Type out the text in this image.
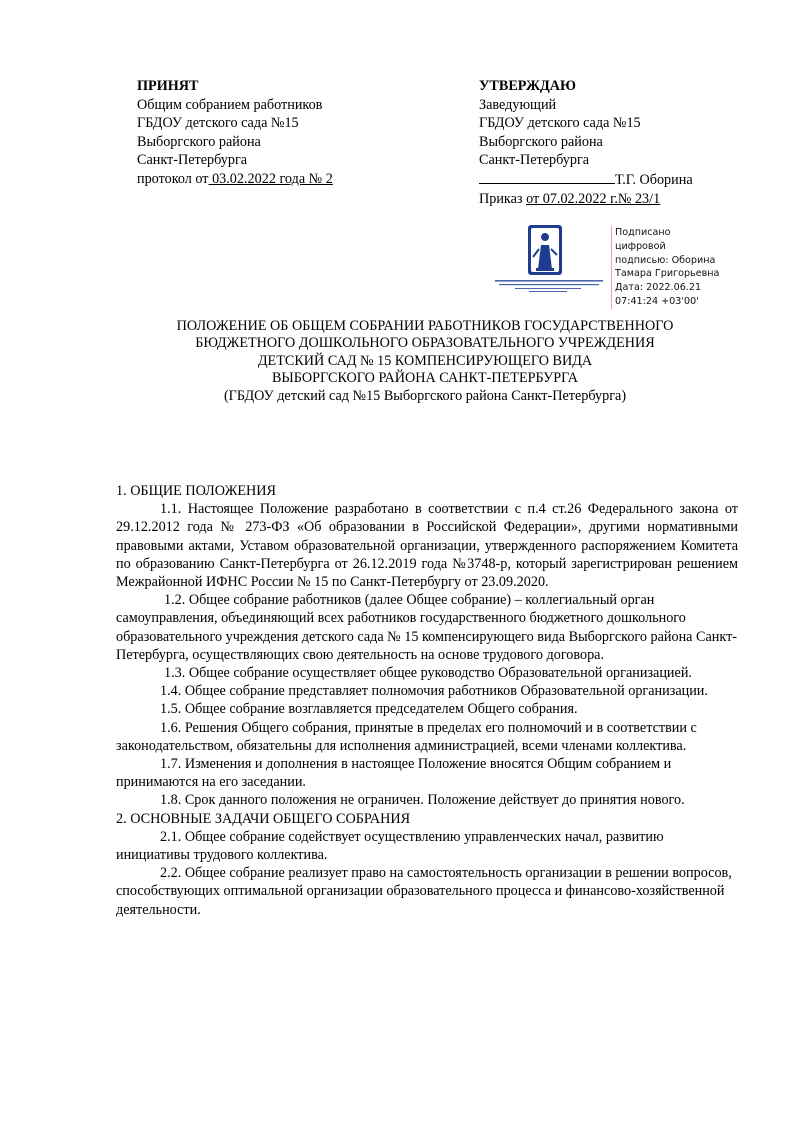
ПРИНЯТ
Общим собранием работников
ГБДОУ детского сада №15
Выборгского района
Санкт-Петербурга
протокол от 03.02.2022 года № 2
УТВЕРЖДАЮ
Заведующий
ГБДОУ детского сада №15
Выборгского района
Санкт-Петербурга
Т.Г. Оборина
Приказ от 07.02.2022 г.№ 23/1
Подписано цифровой
подписью: Оборина
Тамара Григорьевна
Дата: 2022.06.21
07:41:24 +03'00'
ПОЛОЖЕНИЕ ОБ ОБЩЕМ СОБРАНИИ РАБОТНИКОВ ГОСУДАРСТВЕННОГО
БЮДЖЕТНОГО ДОШКОЛЬНОГО ОБРАЗОВАТЕЛЬНОГО УЧРЕЖДЕНИЯ
ДЕТСКИЙ САД № 15 КОМПЕНСИРУЮЩЕГО ВИДА
ВЫБОРГСКОГО РАЙОНА САНКТ-ПЕТЕРБУРГА
(ГБДОУ детский сад №15 Выборгского района Санкт-Петербурга)
1. ОБЩИЕ ПОЛОЖЕНИЯ

1.1. Настоящее Положение разработано в соответствии с п.4 ст.26 Федерального закона от 29.12.2012 года № 273-ФЗ «Об образовании в Российской Федерации», другими нормативными правовыми актами, Уставом образовательной организации, утвержденного распоряжением Комитета по образованию Санкт-Петербурга от 26.12.2019 года №3748-р, который зарегистрирован решением Межрайонной ИФНС России № 15 по Санкт-Петербургу от 23.09.2020.

1.2. Общее собрание работников (далее Общее собрание) – коллегиальный орган самоуправления, объединяющий всех работников государственного бюджетного дошкольного образовательного учреждения детского сада № 15 компенсирующего вида Выборгского района Санкт-Петербурга, осуществляющих свою деятельность на основе трудового договора.

1.3. Общее собрание осуществляет общее руководство Образовательной организацией.

1.4. Общее собрание представляет полномочия работников Образовательной организации.

1.5. Общее собрание возглавляется председателем Общего собрания.

1.6. Решения Общего собрания, принятые в пределах его полномочий и в соответствии с законодательством, обязательны для исполнения администрацией, всеми членами коллектива.

1.7. Изменения и дополнения в настоящее Положение вносятся Общим собранием и принимаются на его заседании.

1.8. Срок данного положения не ограничен. Положение действует до принятия нового.

2. ОСНОВНЫЕ ЗАДАЧИ ОБЩЕГО СОБРАНИЯ

2.1. Общее собрание содействует осуществлению управленческих начал, развитию инициативы трудового коллектива.

2.2. Общее собрание реализует право на самостоятельность организации в решении вопросов, способствующих оптимальной организации образовательного процесса и финансово-хозяйственной деятельности.
